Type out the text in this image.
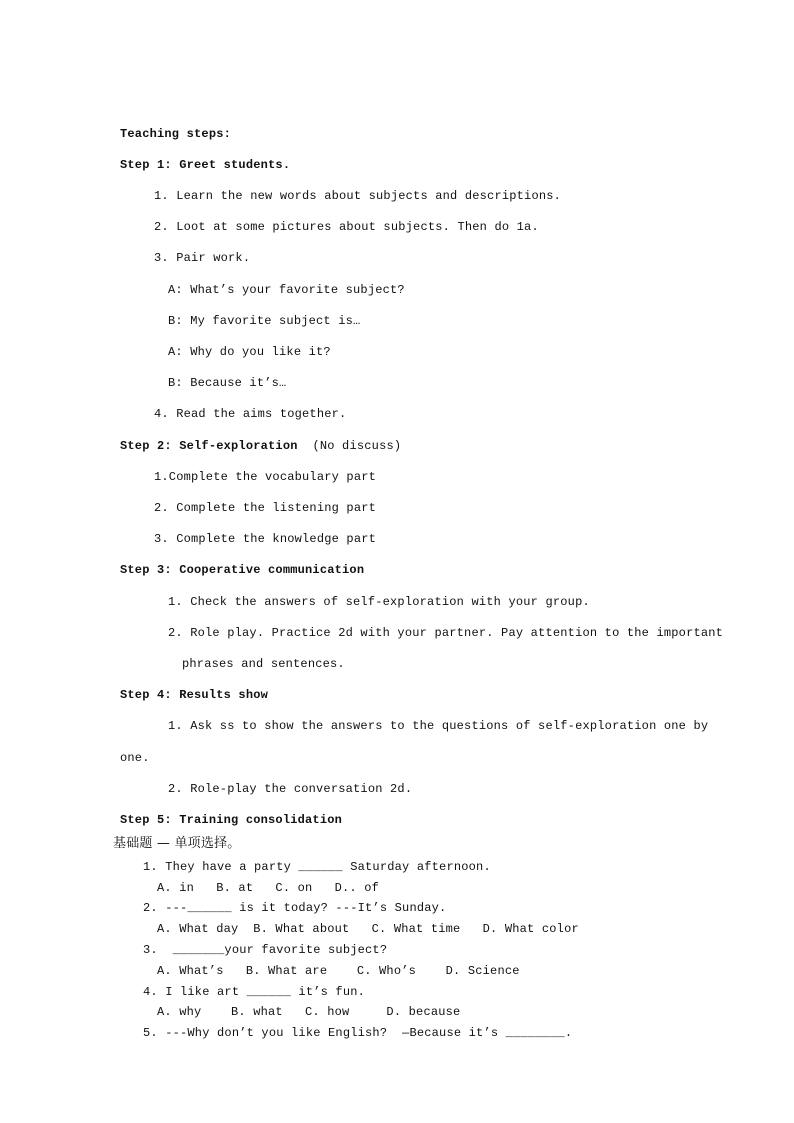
Teaching steps:
Step 1: Greet students.
1. Learn the new words about subjects and descriptions.
2. Loot at some pictures about subjects. Then do 1a.
3. Pair work.
A: What’s your favorite subject?
B: My favorite subject is…
A: Why do you like it?
B: Because it’s…
4. Read the aims together.
Step 2: Self-exploration (No discuss)
1.Complete the vocabulary part
2. Complete the listening part
3. Complete the knowledge part
Step 3: Cooperative communication
1. Check the answers of self-exploration with your group.
2. Role play. Practice 2d with your partner. Pay attention to the important
phrases and sentences.
Step 4: Results show
1. Ask ss to show the answers to the questions of self-exploration one by
one.
2. Role-play the conversation 2d.
Step 5: Training consolidation
基础题 — 单项选择。
1. They have a party ______ Saturday afternoon.
A. in   B. at   C. on   D.. of
2. ---______ is it today? ---It’s Sunday.
A. What day  B. What about   C. What time   D. What color
3.  _______your favorite subject?
A. What’s   B. What are    C. Who’s    D. Science
4. I like art ______ it’s fun.
A. why    B. what   C. how     D. because
5. ---Why don’t you like English?  —Because it’s ________.
